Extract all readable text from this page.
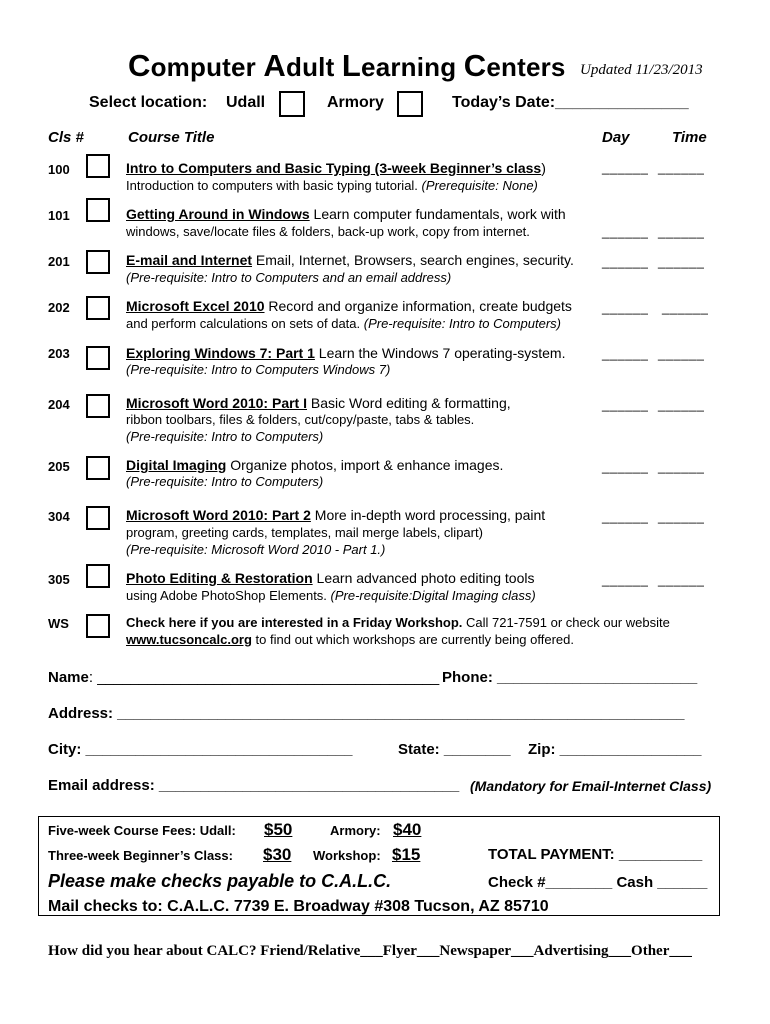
Computer Adult Learning Centers Updated 11/23/2013
Select location: Udall	Armory	Today’s Date:_______________
Cls #	Course Title	Day	Time
100	Intro to Computers and Basic Typing (3-week Beginner’s class)
Introduction to computers with basic typing tutorial. (Prerequisite: None)
______ ______
101	Getting Around in Windows Learn computer fundamentals, work with
windows, save/locate files & folders, back-up work, copy from internet.	______ ______
201	E-mail and Internet Email, Internet, Browsers, search engines, security.
(Pre-requisite: Intro to Computers and an email address)
______ ______
202	Microsoft Excel 2010 Record and organize information, create budgets
and perform calculations on sets of data. (Pre-requisite: Intro to Computers)
______ ______
203	Exploring Windows 7: Part 1 Learn the Windows 7 operating-system.
(Pre-requisite: Intro to Computers Windows 7)
______ ______
204	Microsoft Word 2010: Part I Basic Word editing & formatting,
ribbon toolbars, files & folders, cut/copy/paste, tabs & tables.
(Pre-requisite: Intro to Computers)
______ ______
205	Digital Imaging Organize photos, import & enhance images.
(Pre-requisite: Intro to Computers)
______ ______
304	Microsoft Word 2010: Part 2 More in-depth word processing, paint
program, greeting cards, templates, mail merge labels, clipart)
(Pre-requisite: Microsoft Word 2010 - Part 1.)
______ ______
305	Photo Editing & Restoration Learn advanced photo editing tools
using Adobe PhotoShop Elements. (Pre-requisite:Digital Imaging class)
______ ______
WS	Check here if you are interested in a Friday Workshop. Call 721-7591 or check our website
www.tucsoncalc.org to find out which workshops are currently being offered.
Name: _________________________________________ Phone: ________________________
Address: ____________________________________________________________________
City: ________________________________	State: ________ Zip: _________________
Email address: ____________________________________ (Mandatory for Email-Internet Class)
Five-week Course Fees: Udall: $50	Armory: $40
Three-week Beginner’s Class: $30 Workshop: $15	TOTAL PAYMENT: __________
Please make checks payable to C.A.L.C.	Check #________ Cash ______
Mail checks to: C.A.L.C. 7739 E. Broadway #308 Tucson, AZ 85710
How did you hear about CALC? Friend/Relative___Flyer___Newspaper___Advertising___Other___
